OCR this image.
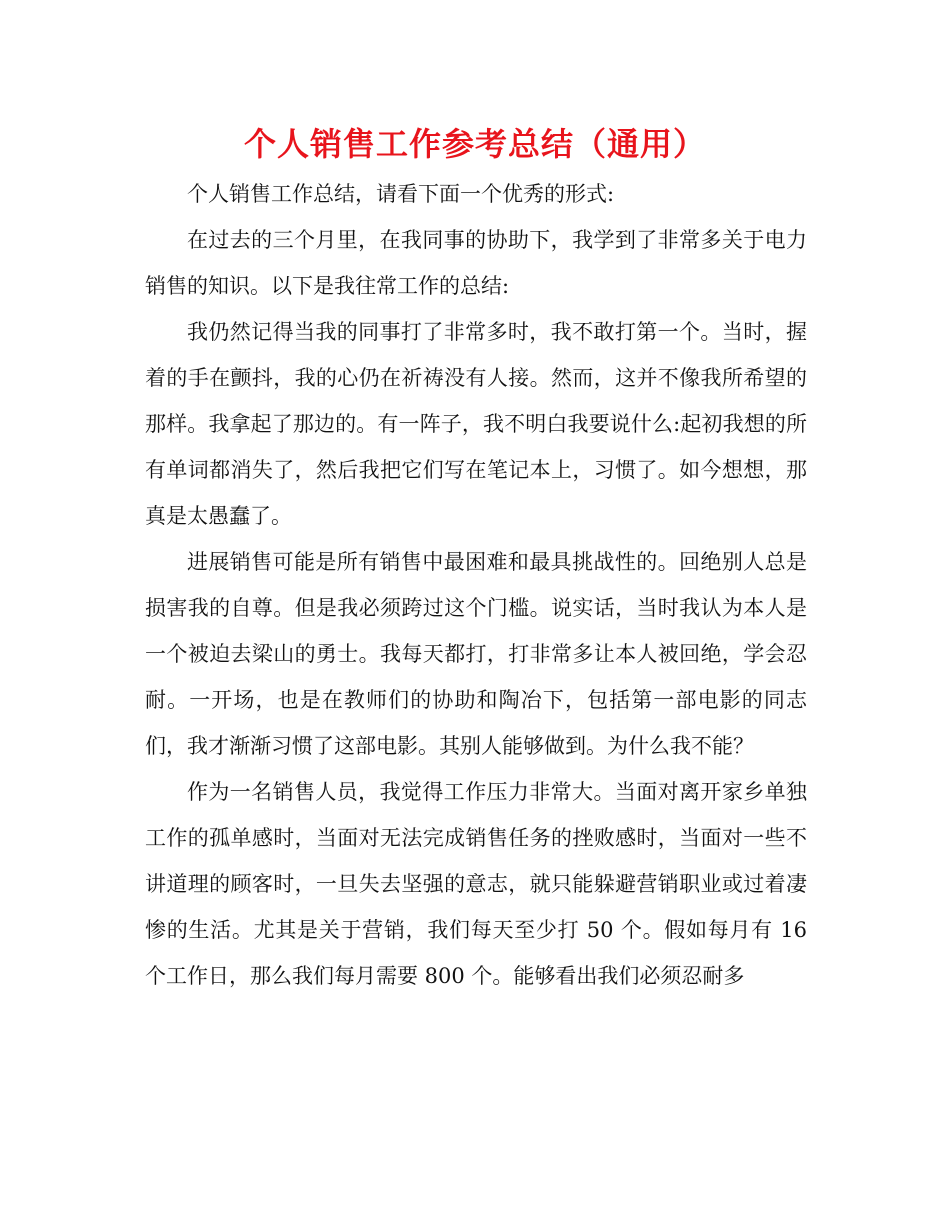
个人销售工作参考总结（通用）

个人销售工作总结，请看下面一个优秀的形式:

在过去的三个月里，在我同事的协助下，我学到了非常多关于电力销售的知识。以下是我往常工作的总结:

我仍然记得当我的同事打了非常多时，我不敢打第一个。当时，握着的手在颤抖，我的心仍在祈祷没有人接。然而，这并不像我所希望的那样。我拿起了那边的。有一阵子，我不明白我要说什么:起初我想的所有单词都消失了，然后我把它们写在笔记本上，习惯了。如今想想，那真是太愚蠢了。

进展销售可能是所有销售中最困难和最具挑战性的。回绝别人总是损害我的自尊。但是我必须跨过这个门槛。说实话，当时我认为本人是一个被迫去梁山的勇士。我每天都打，打非常多让本人被回绝，学会忍耐。一开场，也是在教师们的协助和陶冶下，包括第一部电影的同志们，我才渐渐习惯了这部电影。其别人能够做到。为什么我不能？

作为一名销售人员，我觉得工作压力非常大。当面对离开家乡单独工作的孤单感时，当面对无法完成销售任务的挫败感时，当面对一些不讲道理的顾客时，一旦失去坚强的意志，就只能躲避营销职业或过着凄惨的生活。尤其是关于营销，我们每天至少打 50 个。假如每月有 16 个工作日，那么我们每月需要 800 个。能够看出我们必须忍耐多
